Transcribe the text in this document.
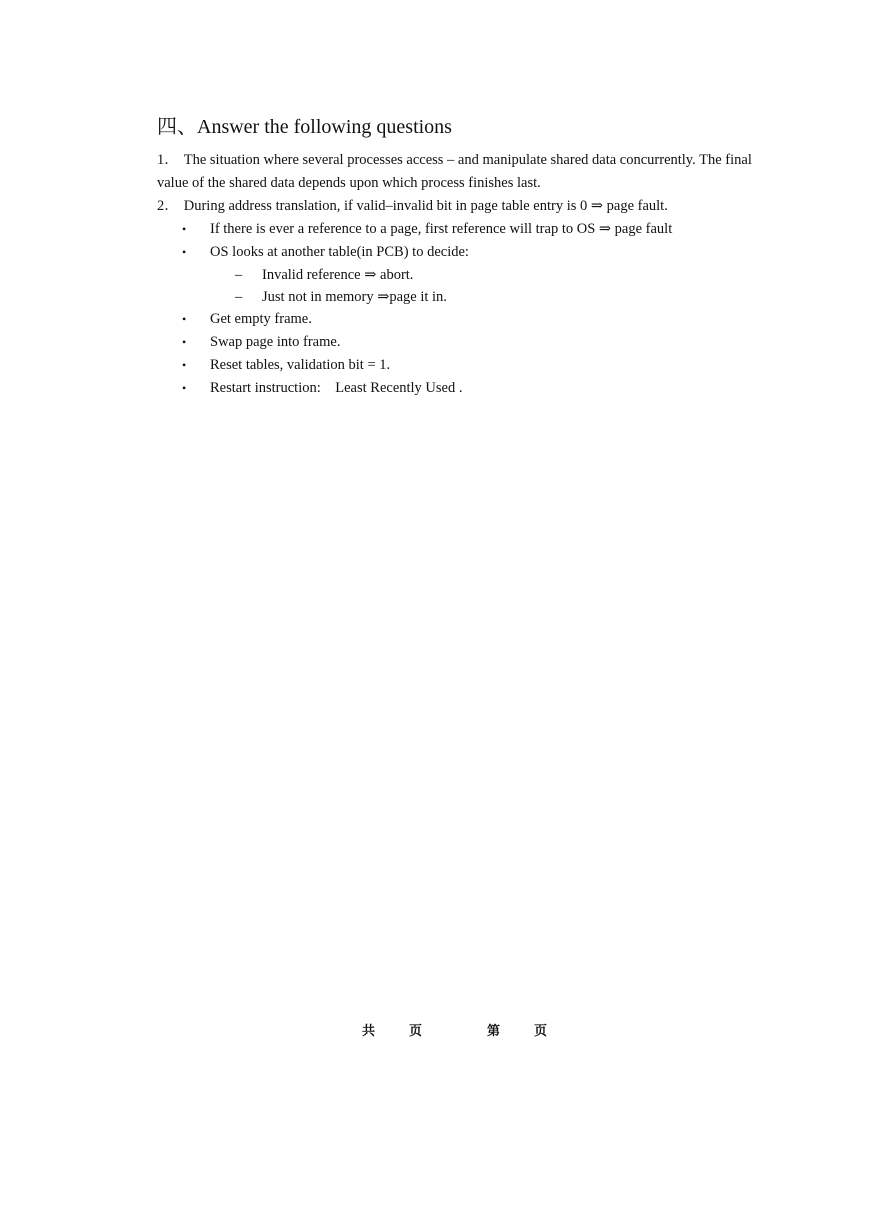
四、Answer the following questions

1． The situation where several processes access – and manipulate shared data concurrently. The final value of the shared data depends upon which process finishes last.

2． During address translation, if valid–invalid bit in page table entry is 0 ⇒ page fault.

• If there is ever a reference to a page, first reference will trap to OS ⇒ page fault
• OS looks at another table(in PCB) to decide:
– Invalid reference ⇒ abort.
– Just not in memory ⇒page it in.
• Get empty frame.
• Swap page into frame.
• Reset tables, validation bit = 1.
• Restart instruction:    Least Recently Used .
共	页	第	页
